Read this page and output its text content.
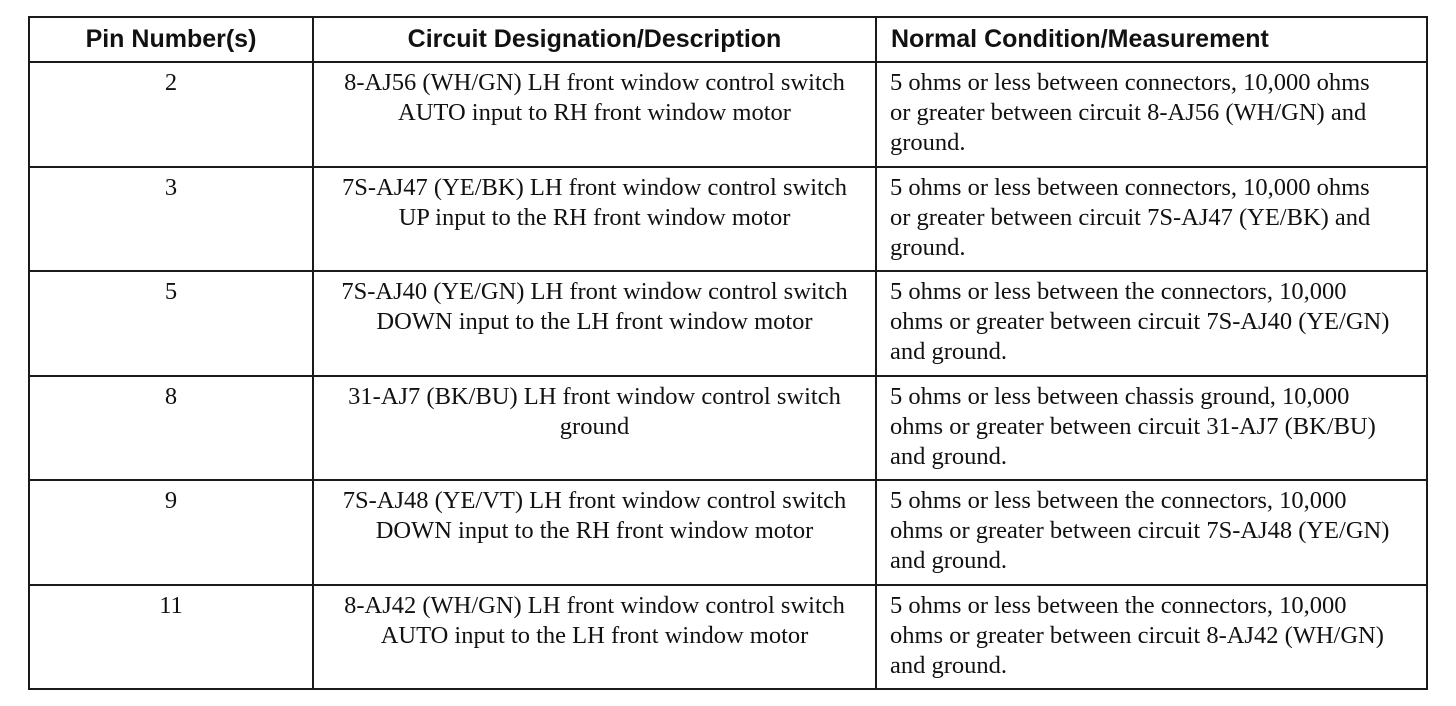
Pin Number(s)	Circuit Designation/Description	Normal Condition/Measurement
2	8-AJ56 (WH/GN) LH front window control switch AUTO input to RH front window motor	5 ohms or less between connectors, 10,000 ohms or greater between circuit 8-AJ56 (WH/GN) and ground.
3	7S-AJ47 (YE/BK) LH front window control switch UP input to the RH front window motor	5 ohms or less between connectors, 10,000 ohms or greater between circuit 7S-AJ47 (YE/BK) and ground.
5	7S-AJ40 (YE/GN) LH front window control switch DOWN input to the LH front window motor	5 ohms or less between the connectors, 10,000 ohms or greater between circuit 7S-AJ40 (YE/GN) and ground.
8	31-AJ7 (BK/BU) LH front window control switch ground	5 ohms or less between chassis ground, 10,000 ohms or greater between circuit 31-AJ7 (BK/BU) and ground.
9	7S-AJ48 (YE/VT) LH front window control switch DOWN input to the RH front window motor	5 ohms or less between the connectors, 10,000 ohms or greater between circuit 7S-AJ48 (YE/GN) and ground.
11	8-AJ42 (WH/GN) LH front window control switch AUTO input to the LH front window motor	5 ohms or less between the connectors, 10,000 ohms or greater between circuit 8-AJ42 (WH/GN) and ground.
